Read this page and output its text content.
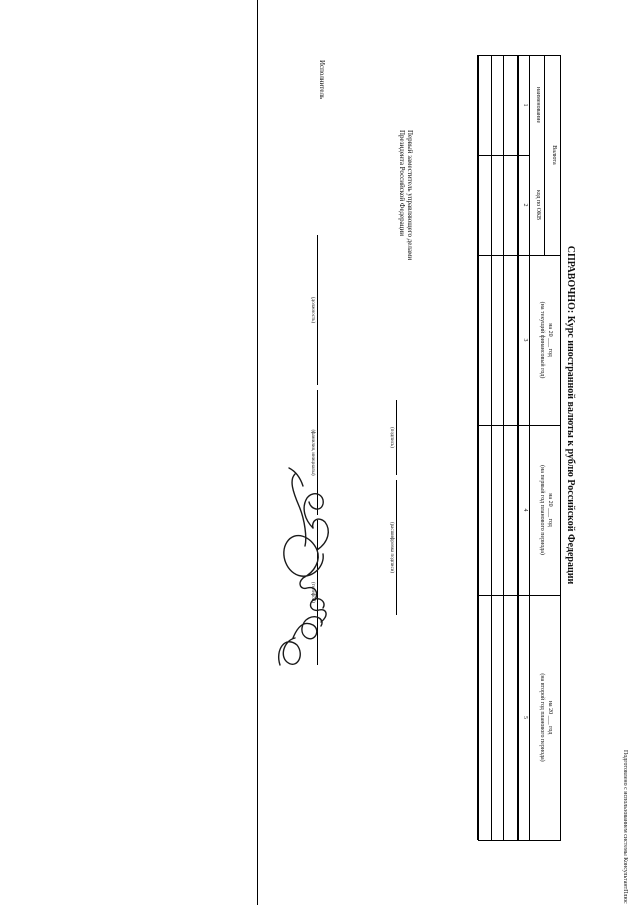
Подготовлено с использованием системы КонсультантПлюс
СПРАВОЧНО: Курс иностранной валюты к рублю Российской Федерации
Валюта
наименование
код по ОКВ
на 20 ___ год
(на текущий финансовый год)
на 20 ___ год
(на первый год планового периода)
на 20 ___ год
(на второй год планового периода)
1
2
3
4
5
Первый заместитель управляющего делами
Президента Российской Федерации
(подпись)
(расшифровка подписи)
Исполнитель
(должность)
(фамилия, инициалы)
(телефон)
